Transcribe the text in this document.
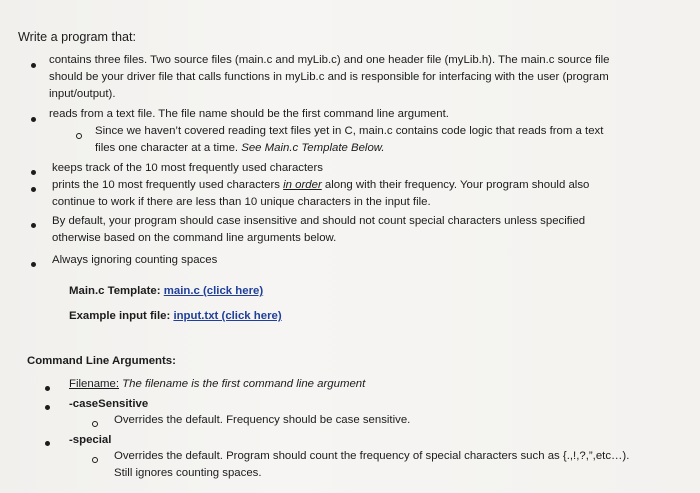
Write a program that:
contains three files. Two source files (main.c and myLib.c) and one header file (myLib.h). The main.c source file
should be your driver file that calls functions in myLib.c and is responsible for interfacing with the user (program
input/output).
reads from a text file. The file name should be the first command line argument.
Since we haven’t covered reading text files yet in C, main.c contains code logic that reads from a text
files one character at a time. See Main.c Template Below.
keeps track of the 10 most frequently used characters
prints the 10 most frequently used characters in order along with their frequency. Your program should also
continue to work if there are less than 10 unique characters in the input file.
By default, your program should case insensitive and should not count special characters unless specified
otherwise based on the command line arguments below.
Always ignoring counting spaces
Main.c Template: main.c (click here)
Example input file: input.txt (click here)
Command Line Arguments:
Filename: The filename is the first command line argument
-caseSensitive
Overrides the default. Frequency should be case sensitive.
-special
Overrides the default. Program should count the frequency of special characters such as {.,!,?,”,etc…).
Still ignores counting spaces.
